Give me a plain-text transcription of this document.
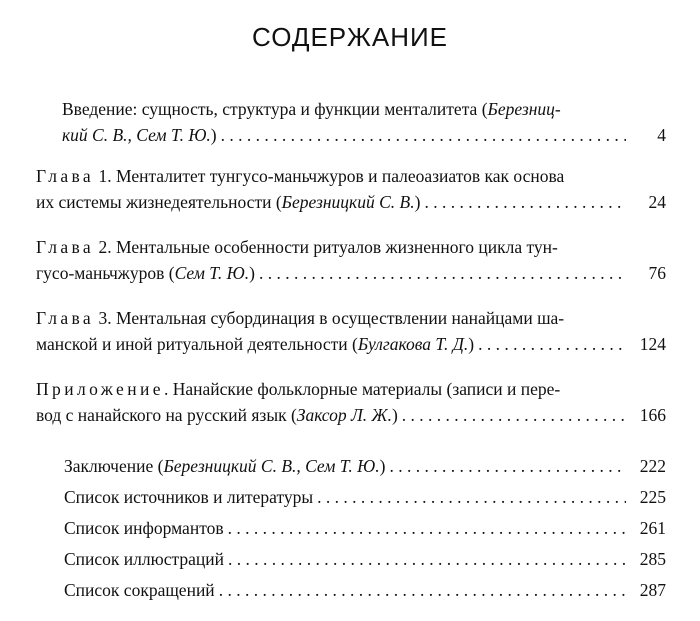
СОДЕРЖАНИЕ
Введение: сущность, структура и функции менталитета (Березниц-
кий С. В., Сем Т. Ю.) . . .	4
Глава 1. Менталитет тунгусо-маньчжуров и палеоазиатов как основа
их системы жизнедеятельности (Березницкий С. В.) . . .	24
Глава 2. Ментальные особенности ритуалов жизненного цикла тун-
гусо-маньчжуров (Сем Т. Ю.) . . .	76
Глава 3. Ментальная субординация в осуществлении нанайцами ша-
манской и иной ритуальной деятельности (Булгакова Т. Д.) . . .	124
Приложение. Нанайские фольклорные материалы (записи и пере-
вод с нанайского на русский язык (Заксор Л. Ж.) . . .	166
Заключение (Березницкий С. В., Сем Т. Ю.) . . .	222
Список источников и литературы . . .	225
Список информантов . . .	261
Список иллюстраций . . .	285
Список сокращений . . .	287
